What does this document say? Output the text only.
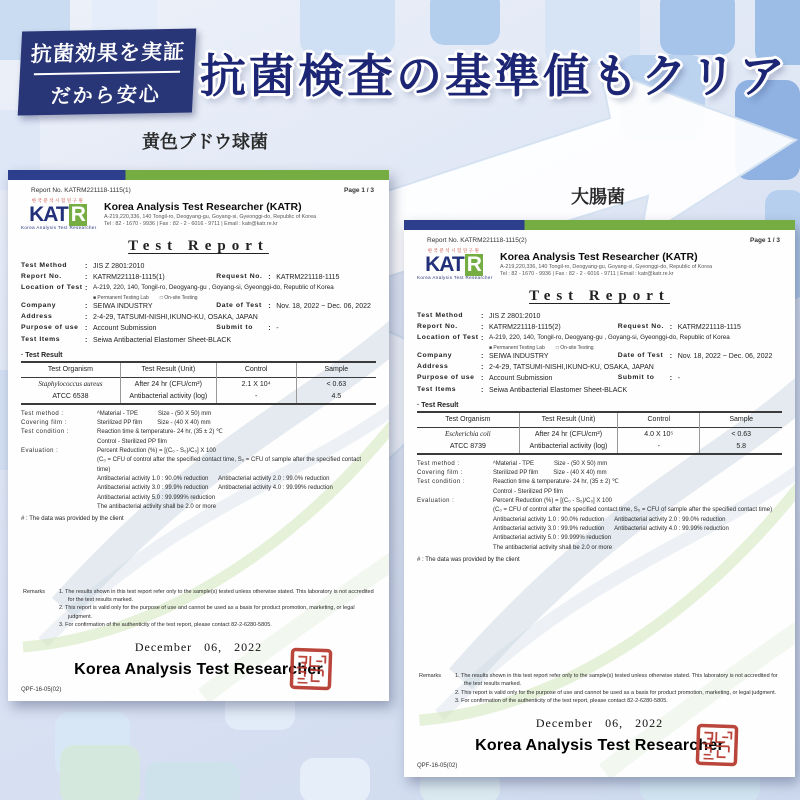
抗菌効果を実証
だから安心 抗菌検査の基準値もクリア
黄色ブドウ球菌
大腸菌
Report No. KATRM221118-1115(1)	Page 1 / 3
한국분석시험연구원
KAT R
Korea Analysis Test Researcher
Korea Analysis Test Researcher (KATR)
A-219,220,336, 140 Tongil-ro, Deogyang-gu, Goyang-si, Gyeonggi-do, Republic of Korea
Tel : 82 - 1670 - 9936 | Fax : 82 - 2 - 6016 - 9711 | Email : katr@katr.re.kr
Test Report
Test Method	: JIS Z 2801:2010
Report No.	: KATRM221118-1115(1)	Request No. : KATRM221118-1115
Location of Test : A-219, 220, 140, Tongil-ro, Deogyang-gu , Goyang-si, Gyeonggi-do, Republic of Korea
■ Permanent Testing Lab        □ On-site Testing
Company	: SEIWA INDUSTRY	Date of Test : Nov. 18, 2022 ~ Dec. 06, 2022
Address	: 2-4-29, TATSUMI-NISHI,IKUNO-KU, OSAKA, JAPAN
Purpose of use : Account Submission	Submit to	: -
Test Items	: Seiwa Antibacterial Elastomer Sheet-BLACK
· Test Result
Test Organism	Test Result (Unit)	Control	Sample
Staphylococcus aureus	After 24 hr (CFU/cm²)	2.1 X 10⁴	< 0.63
ATCC 6538	Antibacterial activity (log)	-	4.5
Test method :	ᴬMaterial - TPE            Size - (50 X 50) mm
Covering film :	Sterilized PP film         Size - (40 X 40) mm
Test condition :	Reaction time & temperature- 24 hr, (35 ± 2) ℃
Control - Sterilized PP film
Evaluation :	Percent Reduction (%) = [(C₀ - S₀)/C₀] X 100
(C₀ = CFU of control after the specified contact time, S₀ = CFU of sample after the specified contact time)
Antibacterial activity 1.0 : 90.0% reduction      Antibacterial activity 2.0 : 99.0% reduction
Antibacterial activity 3.0 : 99.9% reduction      Antibacterial activity 4.0 : 99.99% reduction
Antibacterial activity 5.0 : 99.999% reduction
The antibacterial activity shall be 2.0 or more
# : The data was provided by the client
Remarks	1. The results shown in this test report refer only to the sample(s) tested unless otherwise stated. This laboratory is not accredited for the test results marked.
2. This report is valid only for the purpose of use and cannot be used as a basis for product promotion, marketing, or legal judgment.
3. For confirmation of the authenticity of the test report, please contact 82-2-6280-5805.
December   06,   2022
Korea Analysis Test Researcher
QPF-16-05(02)
Report No. KATRM221118-1115(2)	Page 1 / 3
한국분석시험연구원
KAT R
Korea Analysis Test Researcher
Korea Analysis Test Researcher (KATR)
A-219,220,336, 140 Tongil-ro, Deogyang-gu, Goyang-si, Gyeonggi-do, Republic of Korea
Tel : 82 - 1670 - 9936 | Fax : 82 - 2 - 6016 - 9711 | Email : katr@katr.re.kr
Test Report
Test Method	: JIS Z 2801:2010
Report No.	: KATRM221118-1115(2)	Request No. : KATRM221118-1115
Location of Test : A-219, 220, 140, Tongil-ro, Deogyang-gu , Goyang-si, Gyeonggi-do, Republic of Korea
■ Permanent Testing Lab        □ On-site Testing
Company	: SEIWA INDUSTRY	Date of Test : Nov. 18, 2022 ~ Dec. 06, 2022
Address	: 2-4-29, TATSUMI-NISHI,IKUNO-KU, OSAKA, JAPAN
Purpose of use : Account Submission	Submit to	: -
Test Items	: Seiwa Antibacterial Elastomer Sheet-BLACK
· Test Result
Test Organism	Test Result (Unit)	Control	Sample
Escherichia coli	After 24 hr (CFU/cm²)	4.0 X 10⁵	< 0.63
ATCC 8739	Antibacterial activity (log)	-	5.8
Test method :	ᴬMaterial - TPE            Size - (50 X 50) mm
Covering film :	Sterilized PP film         Size - (40 X 40) mm
Test condition :	Reaction time & temperature- 24 hr, (35 ± 2) ℃
Control - Sterilized PP film
Evaluation :	Percent Reduction (%) = [(C₀ - S₀)/C₀] X 100
(C₀ = CFU of control after the specified contact time, S₀ = CFU of sample after the specified contact time)
Antibacterial activity 1.0 : 90.0% reduction      Antibacterial activity 2.0 : 99.0% reduction
Antibacterial activity 3.0 : 99.9% reduction      Antibacterial activity 4.0 : 99.99% reduction
Antibacterial activity 5.0 : 99.999% reduction
The antibacterial activity shall be 2.0 or more
# : The data was provided by the client
Remarks	1. The results shown in this test report refer only to the sample(s) tested unless otherwise stated. This laboratory is not accredited for the test results marked.
2. This report is valid only for the purpose of use and cannot be used as a basis for product promotion, marketing, or legal judgment.
3. For confirmation of the authenticity of the test report, please contact 82-2-6280-5805.
December   06,   2022
Korea Analysis Test Researcher
QPF-16-05(02)
